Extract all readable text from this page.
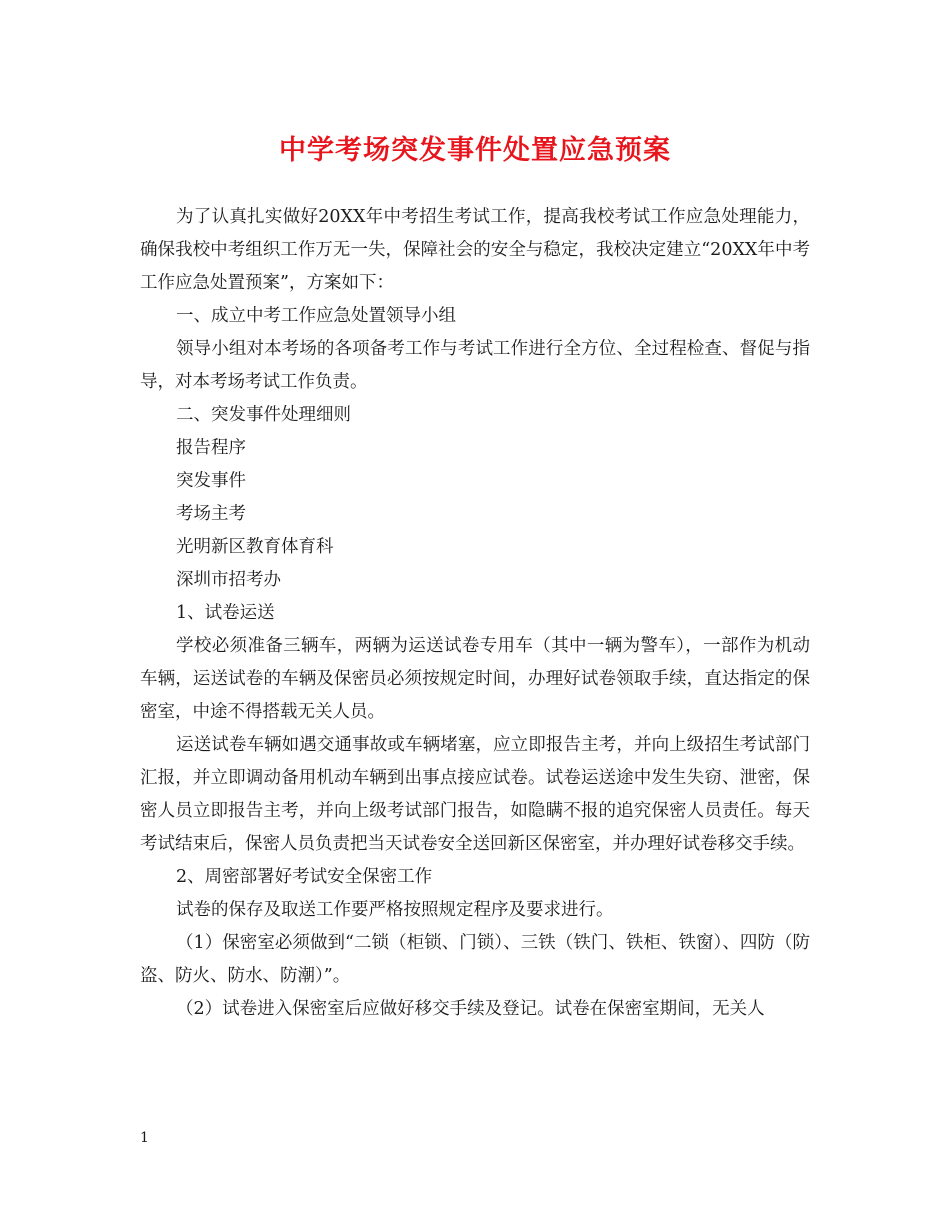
中学考场突发事件处置应急预案

为了认真扎实做好20XX年中考招生考试工作，提高我校考试工作应急处理能力，确保我校中考组织工作万无一失，保障社会的安全与稳定，我校决定建立“20XX年中考工作应急处置预案”，方案如下：

一、成立中考工作应急处置领导小组

领导小组对本考场的各项备考工作与考试工作进行全方位、全过程检查、督促与指导，对本考场考试工作负责。

二、突发事件处理细则

报告程序

突发事件

考场主考

光明新区教育体育科

深圳市招考办

1、试卷运送

学校必须准备三辆车，两辆为运送试卷专用车（其中一辆为警车），一部作为机动车辆，运送试卷的车辆及保密员必须按规定时间，办理好试卷领取手续，直达指定的保密室，中途不得搭载无关人员。

运送试卷车辆如遇交通事故或车辆堵塞，应立即报告主考，并向上级招生考试部门汇报，并立即调动备用机动车辆到出事点接应试卷。试卷运送途中发生失窃、泄密，保密人员立即报告主考，并向上级考试部门报告，如隐瞒不报的追究保密人员责任。每天考试结束后，保密人员负责把当天试卷安全送回新区保密室，并办理好试卷移交手续。

2、周密部署好考试安全保密工作

试卷的保存及取送工作要严格按照规定程序及要求进行。

（1）保密室必须做到“二锁（柜锁、门锁）、三铁（铁门、铁柜、铁窗）、四防（防盗、防火、防水、防潮）”。

（2）试卷进入保密室后应做好移交手续及登记。试卷在保密室期间，无关人

1
